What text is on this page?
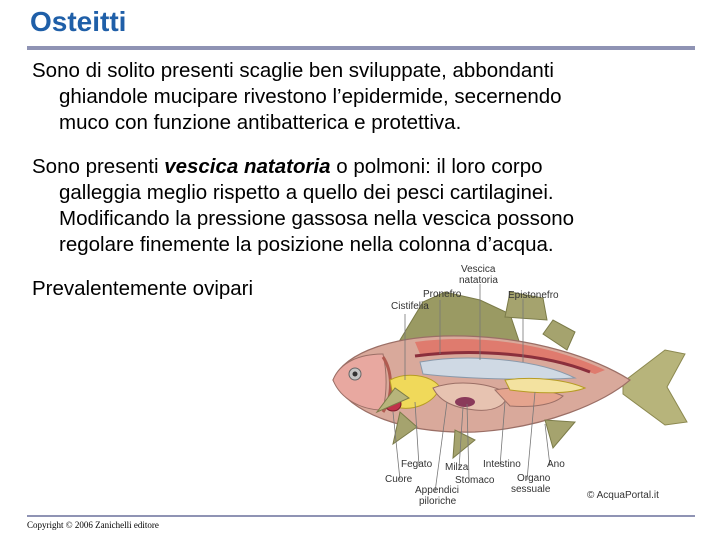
Osteitti
Sono di solito presenti scaglie ben sviluppate, abbondanti
ghiandole mucipare rivestono l’epidermide, secernendo
muco con funzione antibatterica e protettiva.
Sono presenti vescica natatoria o polmoni: il loro corpo
galleggia meglio rispetto a quello dei pesci cartilaginei.
Modificando la pressione gassosa nella vescica possono
regolare finemente la posizione nella colonna d’acqua.
Prevalentemente ovipari
Vescica
natatoria
Pronefro	Epistonefro
Cistifelia
Fegato Milza Intestino	Ano
Cuore	Stomaco Organo
sessuale
Appendici
piloriche
© AcquaPortal.it
Copyright © 2006 Zanichelli editore
